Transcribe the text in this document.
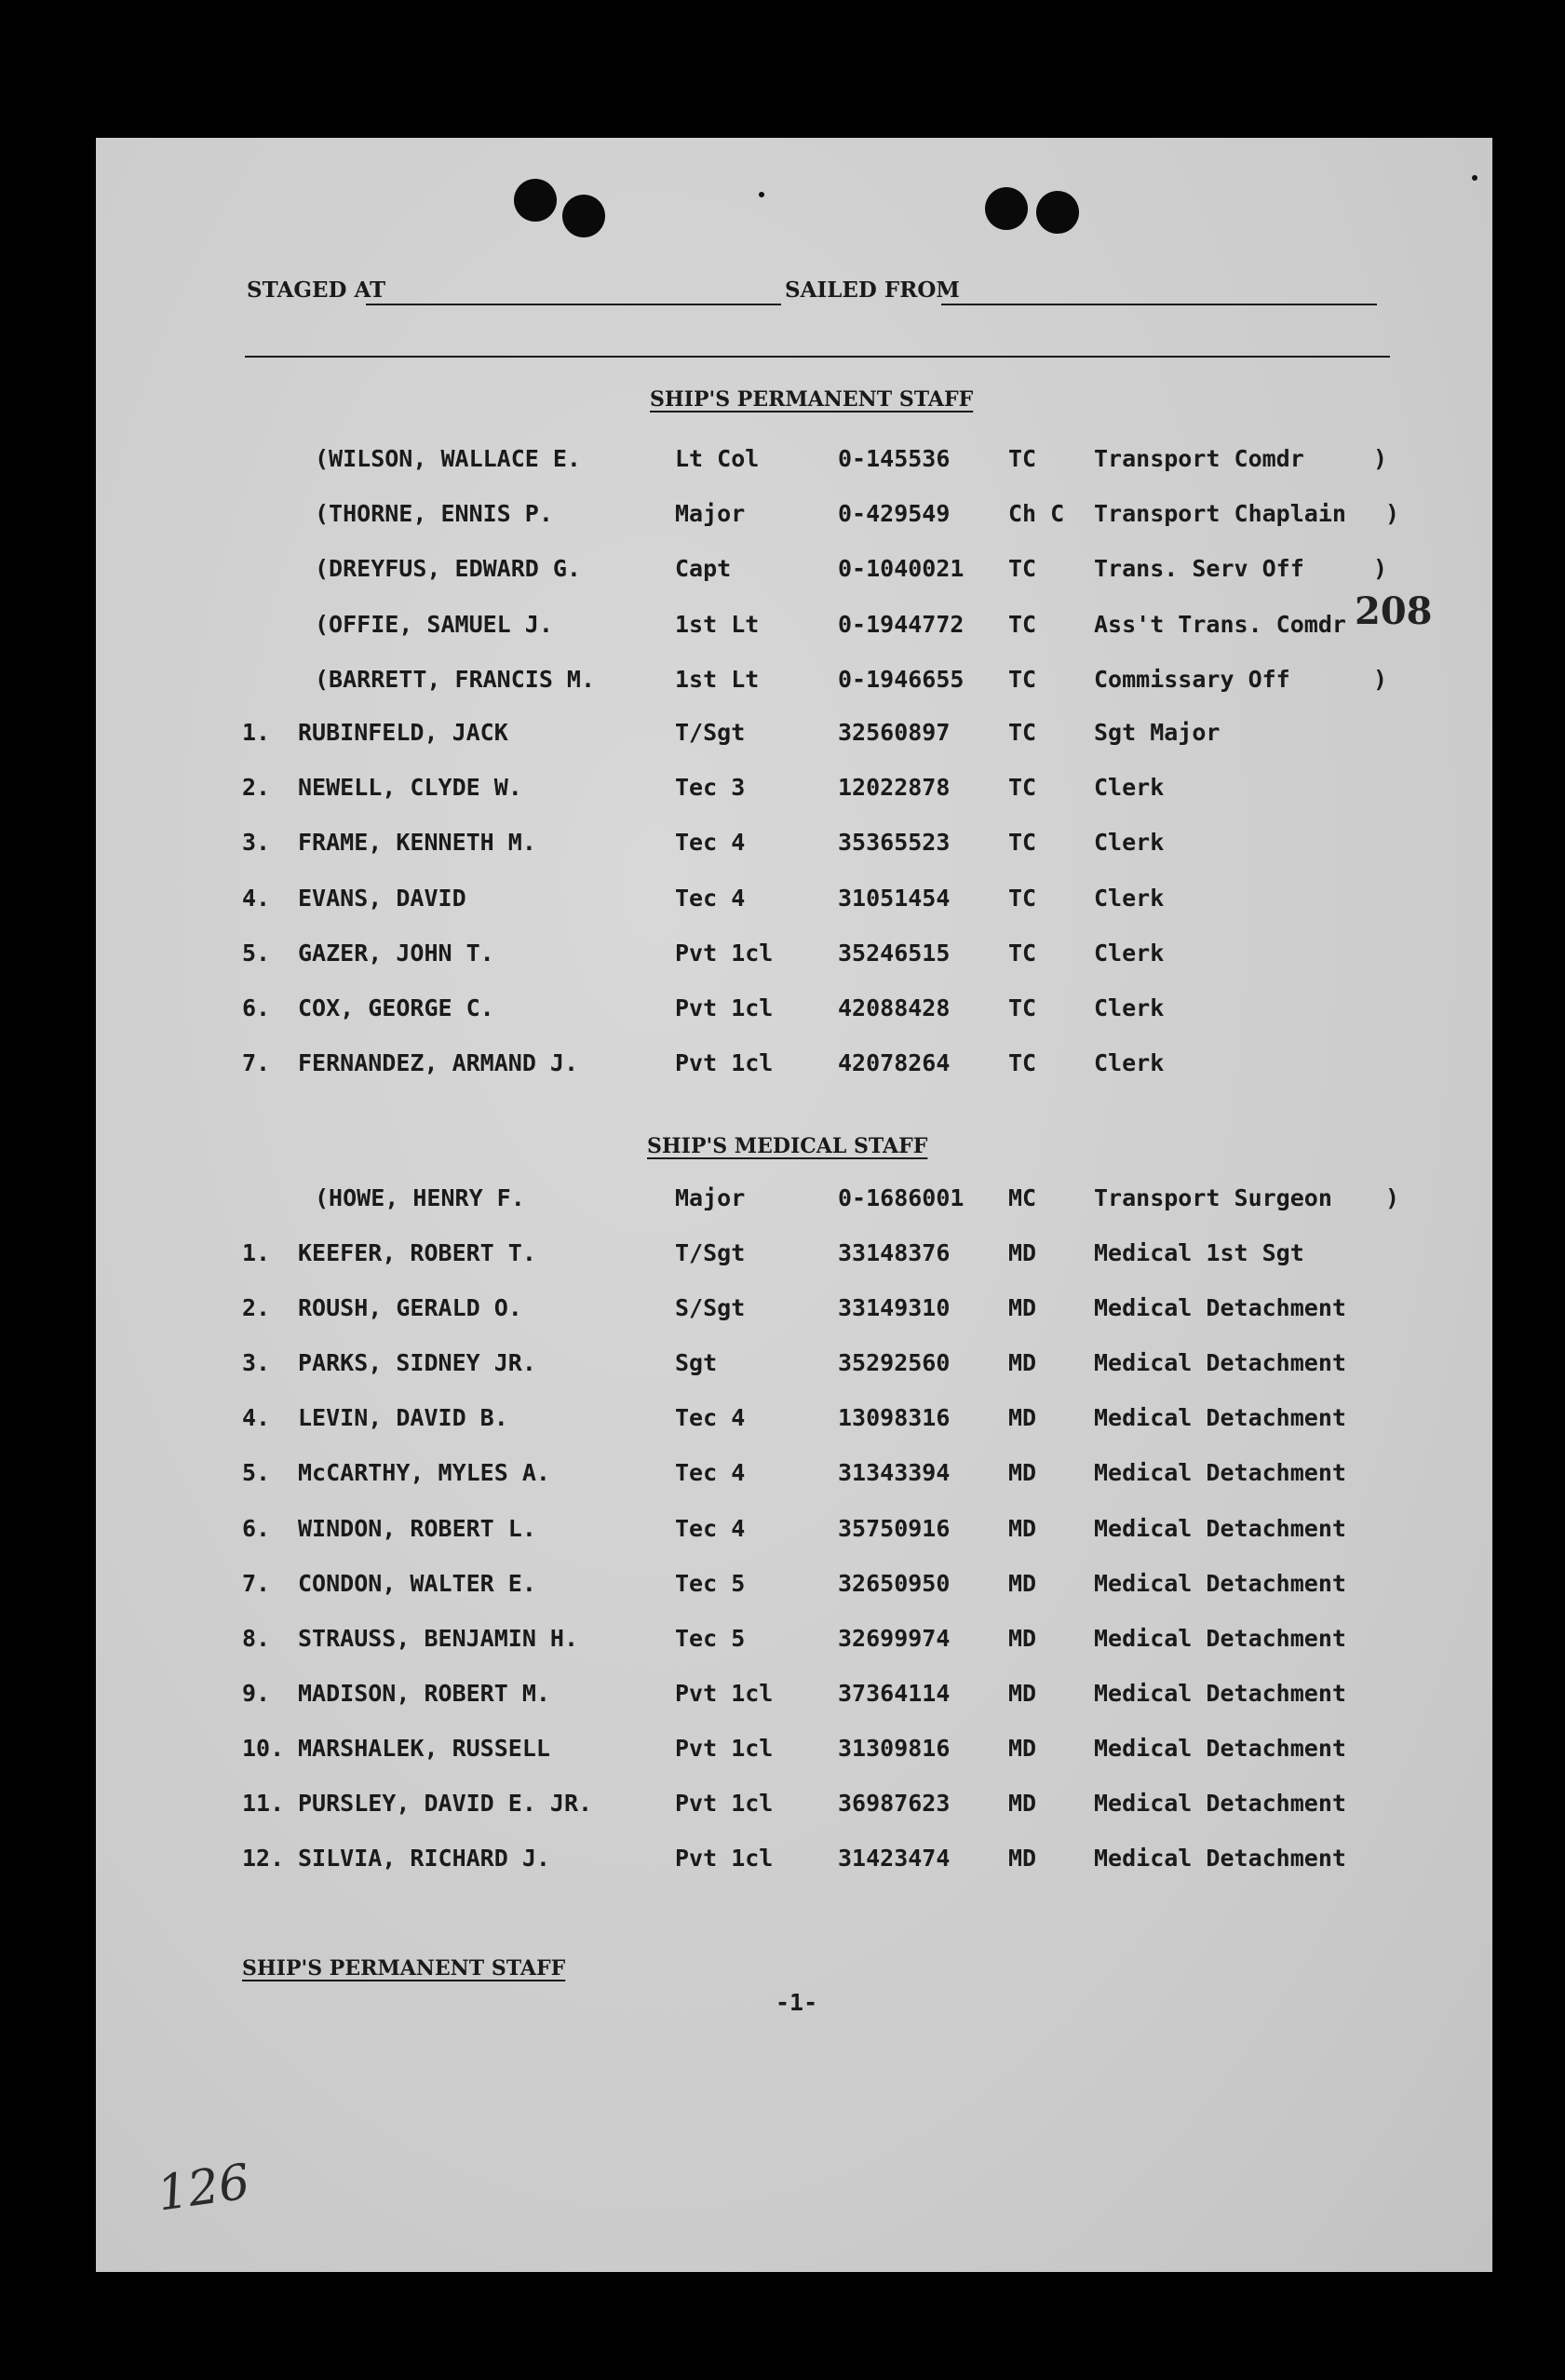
STAGED AT	SAILED FROM
208
SHIP'S PERMANENT STAFF
(WILSON, WALLACE E.	Lt Col	0-145536	TC Transport Comdr	)
(THORNE, ENNIS P.	Major	0-429549	Ch C Transport Chaplain )
(DREYFUS, EDWARD G.	Capt	0-1040021 TC Trans. Serv Off	)
(OFFIE, SAMUEL J.	1st Lt	0-1944772 TC Ass't Trans. Comdr
(BARRETT, FRANCIS M.	1st Lt	0-1946655 TC Commissary Off	)
1.	RUBINFELD, JACK	T/Sgt	32560897	TC Sgt Major
2.	NEWELL, CLYDE W.	Tec 3	12022878	TC Clerk
3.	FRAME, KENNETH M.	Tec 4	35365523	TC Clerk
4.	EVANS, DAVID	Tec 4	31051454	TC Clerk
5.	GAZER, JOHN T.	Pvt 1cl	35246515	TC Clerk
6.	COX, GEORGE C.	Pvt 1cl	42088428	TC Clerk
7.	FERNANDEZ, ARMAND J.	Pvt 1cl	42078264	TC Clerk
SHIP'S MEDICAL STAFF
(HOWE, HENRY F.	Major	0-1686001 MC Transport Surgeon )
1.	KEEFER, ROBERT T.	T/Sgt	33148376	MD Medical 1st Sgt
2.	ROUSH, GERALD O.	S/Sgt	33149310	MD Medical Detachment
3.	PARKS, SIDNEY JR.	Sgt	35292560	MD Medical Detachment
4.	LEVIN, DAVID B.	Tec 4	13098316	MD Medical Detachment
5.	McCARTHY, MYLES A.	Tec 4	31343394	MD Medical Detachment
6.	WINDON, ROBERT L.	Tec 4	35750916	MD Medical Detachment
7.	CONDON, WALTER E.	Tec 5	32650950	MD Medical Detachment
8.	STRAUSS, BENJAMIN H.	Tec 5	32699974	MD Medical Detachment
9.	MADISON, ROBERT M.	Pvt 1cl	37364114	MD Medical Detachment
10. MARSHALEK, RUSSELL	Pvt 1cl	31309816	MD Medical Detachment
11. PURSLEY, DAVID E. JR.	Pvt 1cl	36987623	MD Medical Detachment
12. SILVIA, RICHARD J.	Pvt 1cl	31423474	MD Medical Detachment
SHIP'S PERMANENT STAFF
-1-
126
